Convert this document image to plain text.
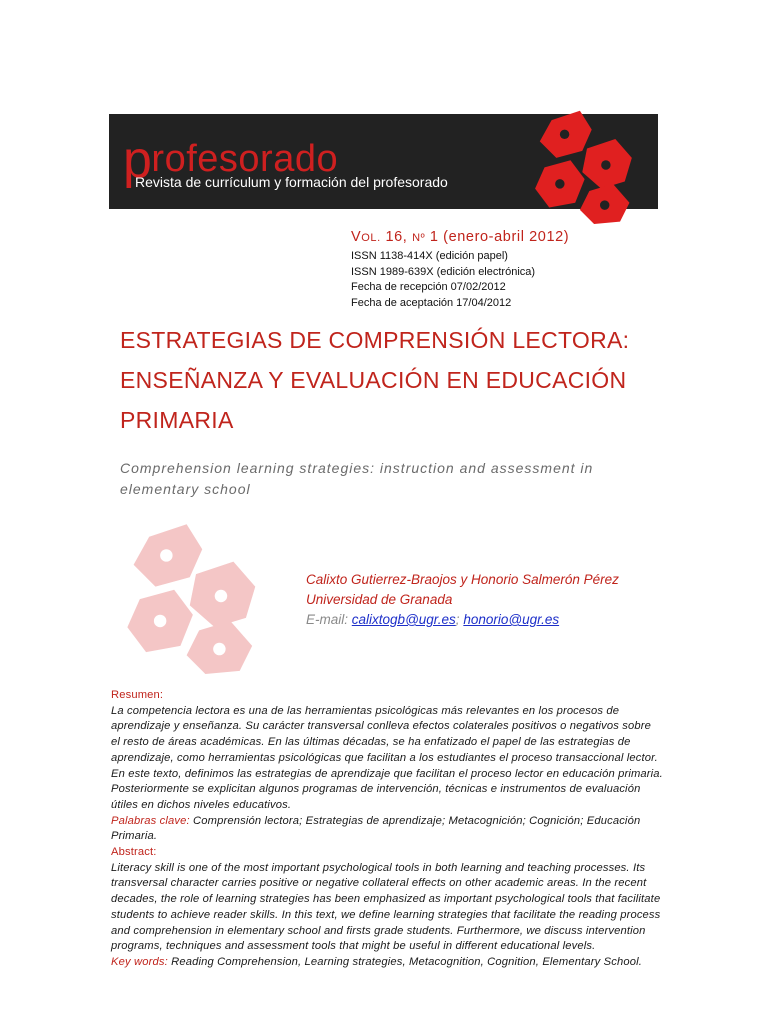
profesorado
Revista de currículum y formación del profesorado
VOL. 16, Nº 1 (enero-abril 2012)
ISSN 1138-414X (edición papel)
ISSN 1989-639X (edición electrónica)
Fecha de recepción 07/02/2012
Fecha de aceptación 17/04/2012
ESTRATEGIAS DE COMPRENSIÓN LECTORA:
ENSEÑANZA Y EVALUACIÓN EN EDUCACIÓN
PRIMARIA
Comprehension learning strategies: instruction and assessment in elementary school
Calixto Gutierrez-Braojos y Honorio Salmerón Pérez
Universidad de Granada
E-mail: calixtogb@ugr.es; honorio@ugr.es
Resumen:
La competencia lectora es una de las herramientas psicológicas más relevantes en los procesos de aprendizaje y enseñanza. Su carácter transversal conlleva efectos colaterales positivos o negativos sobre el resto de áreas académicas. En las últimas décadas, se ha enfatizado el papel de las estrategias de aprendizaje, como herramientas psicológicas que facilitan a los estudiantes el proceso transaccional lector. En este texto, definimos las estrategias de aprendizaje que facilitan el proceso lector en educación primaria. Posteriormente se explicitan algunos programas de intervención, técnicas e instrumentos de evaluación útiles en dichos niveles educativos.
Palabras clave: Comprensión lectora; Estrategias de aprendizaje; Metacognición; Cognición; Educación Primaria.
Abstract:
Literacy skill is one of the most important psychological tools in both learning and teaching processes. Its transversal character carries positive or negative collateral effects on other academic areas. In the recent decades, the role of learning strategies has been emphasized as important psychological tools that facilitate students to achieve reader skills. In this text, we define learning strategies that facilitate the reading process and comprehension in elementary school and firsts grade students. Furthermore, we discuss intervention programs, techniques and assessment tools that might be useful in different educational levels.
Key words: Reading Comprehension, Learning strategies, Metacognition, Cognition, Elementary School.
